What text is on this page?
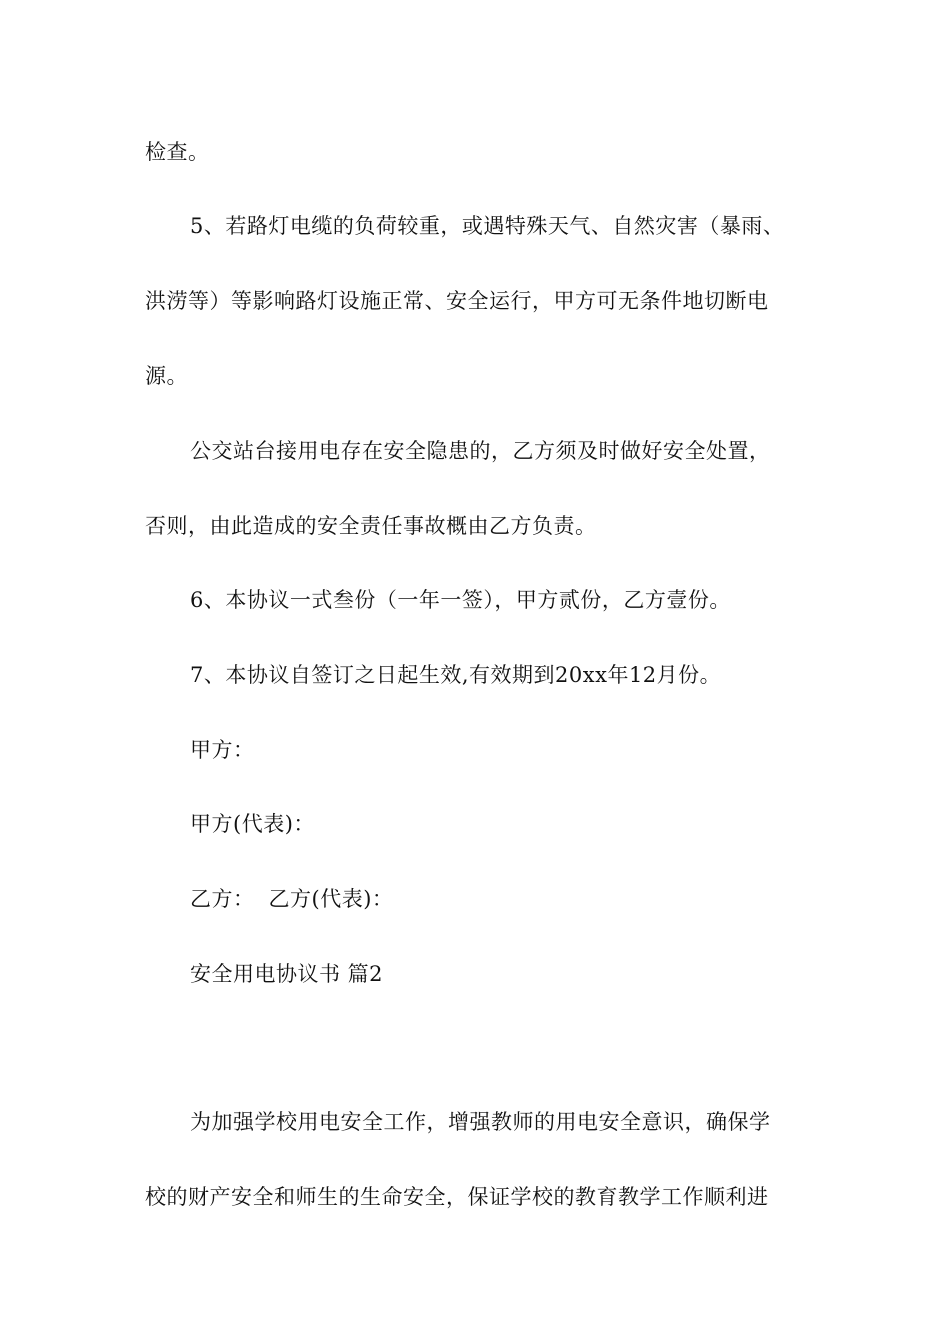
检查。
5、若路灯电缆的负荷较重，或遇特殊天气、自然灾害（暴雨、
洪涝等）等影响路灯设施正常、安全运行，甲方可无条件地切断电
源。
公交站台接用电存在安全隐患的，乙方须及时做好安全处置，
否则，由此造成的安全责任事故概由乙方负责。
6、本协议一式叁份（一年一签），甲方贰份，乙方壹份。
7、本协议自签订之日起生效,有效期到20xx年12月份。
甲方：
甲方(代表)：
乙方： 乙方(代表)：
安全用电协议书 篇2
为加强学校用电安全工作，增强教师的用电安全意识，确保学
校的财产安全和师生的生命安全，保证学校的教育教学工作顺利进
